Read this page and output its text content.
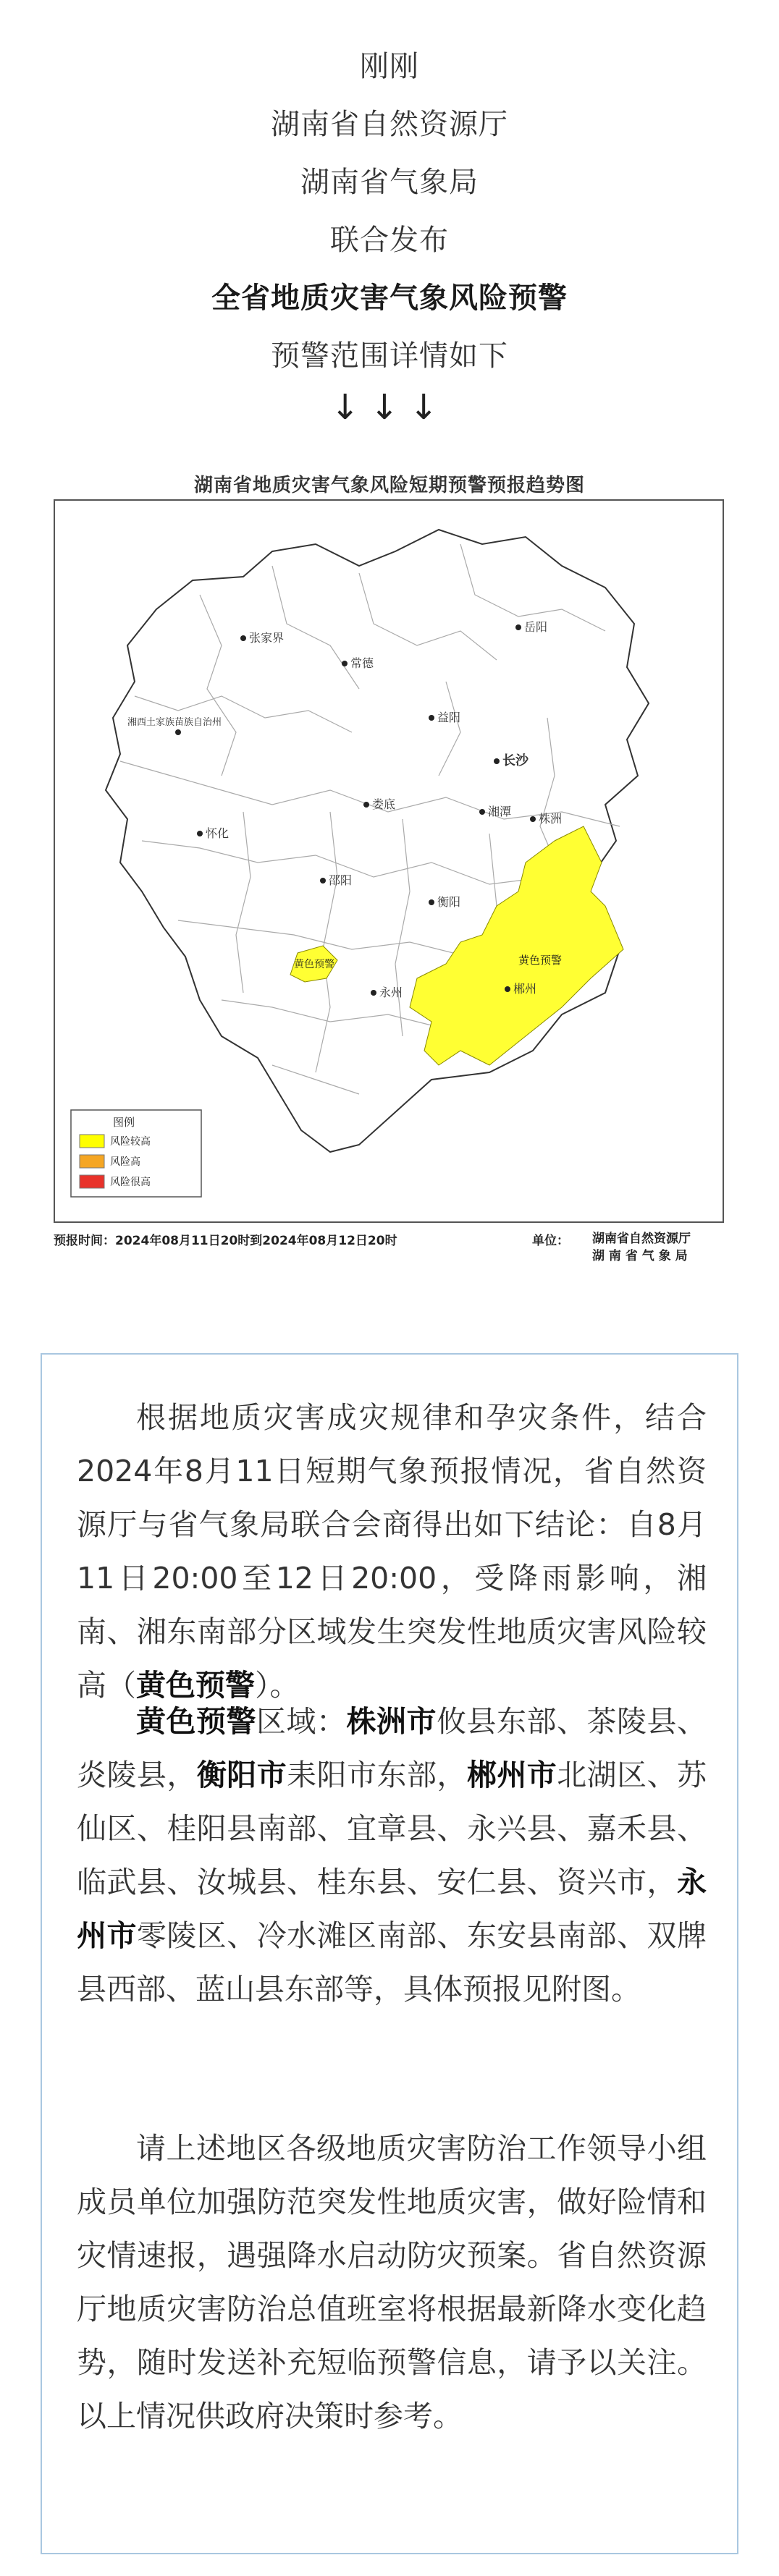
刚刚
湖南省自然资源厅
湖南省气象局
联合发布
全省地质灾害气象风险预警
预警范围详情如下
↓↓↓
湖南省地质灾害气象风险短期预警预报趋势图
岳阳
张家界
常德
益阳
长沙
湘西土家族苗族自治州
怀化
娄底
湘潭
株洲
邵阳
衡阳
永州	郴州
黄色预警
黄色预警
图例
风险较高
风险高
风险很高
预报时间：2024年08月11日20时到2024年08月12日20时	单位： 湖南省自然资源厅
湖 南 省 气 象 局
根据地质灾害成灾规律和孕灾条件，结合2024年8月11日短期气象预报情况，省自然资源厅与省气象局联合会商得出如下结论：自8月11日20:00至12日20:00，受降雨影响，湘南、湘东南部分区域发生突发性地质灾害风险较高（黄色预警）。
黄色预警区域：株洲市攸县东部、茶陵县、炎陵县，衡阳市耒阳市东部，郴州市北湖区、苏仙区、桂阳县南部、宜章县、永兴县、嘉禾县、临武县、汝城县、桂东县、安仁县、资兴市，永州市零陵区、冷水滩区南部、东安县南部、双牌县西部、蓝山县东部等，具体预报见附图。
请上述地区各级地质灾害防治工作领导小组成员单位加强防范突发性地质灾害，做好险情和灾情速报，遇强降水启动防灾预案。省自然资源厅地质灾害防治总值班室将根据最新降水变化趋势，随时发送补充短临预警信息，请予以关注。以上情况供政府决策时参考。
